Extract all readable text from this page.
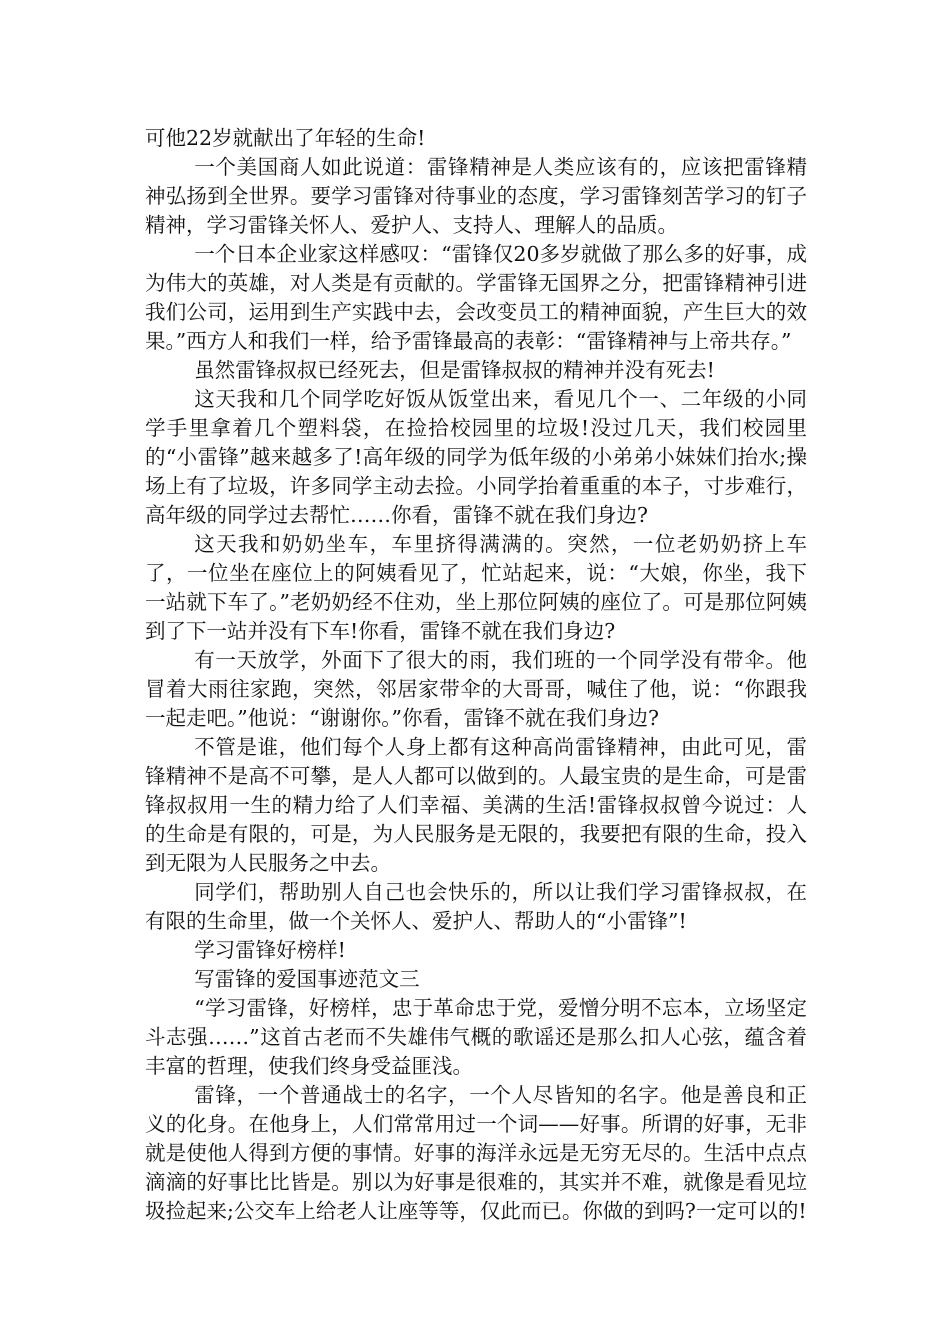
可他22岁就献出了年轻的生命!

一个美国商人如此说道：雷锋精神是人类应该有的，应该把雷锋精神弘扬到全世界。要学习雷锋对待事业的态度，学习雷锋刻苦学习的钉子精神，学习雷锋关怀人、爱护人、支持人、理解人的品质。

一个日本企业家这样感叹：“雷锋仅20多岁就做了那么多的好事，成为伟大的英雄，对人类是有贡献的。学雷锋无国界之分，把雷锋精神引进我们公司，运用到生产实践中去，会改变员工的精神面貌，产生巨大的效果。”西方人和我们一样，给予雷锋最高的表彰：“雷锋精神与上帝共存。”

虽然雷锋叔叔已经死去，但是雷锋叔叔的精神并没有死去!

这天我和几个同学吃好饭从饭堂出来，看见几个一、二年级的小同学手里拿着几个塑料袋，在捡拾校园里的垃圾!没过几天，我们校园里的“小雷锋”越来越多了!高年级的同学为低年级的小弟弟小妹妹们抬水;操场上有了垃圾，许多同学主动去捡。小同学抬着重重的本子，寸步难行，高年级的同学过去帮忙……你看，雷锋不就在我们身边?

这天我和奶奶坐车，车里挤得满满的。突然，一位老奶奶挤上车了，一位坐在座位上的阿姨看见了，忙站起来，说：“大娘，你坐，我下一站就下车了。”老奶奶经不住劝，坐上那位阿姨的座位了。可是那位阿姨到了下一站并没有下车!你看，雷锋不就在我们身边?

有一天放学，外面下了很大的雨，我们班的一个同学没有带伞。他冒着大雨往家跑，突然，邻居家带伞的大哥哥，喊住了他，说：“你跟我一起走吧。”他说：“谢谢你。”你看，雷锋不就在我们身边?

不管是谁，他们每个人身上都有这种高尚雷锋精神，由此可见，雷锋精神不是高不可攀，是人人都可以做到的。人最宝贵的是生命，可是雷锋叔叔用一生的精力给了人们幸福、美满的生活!雷锋叔叔曾今说过：人的生命是有限的，可是，为人民服务是无限的，我要把有限的生命，投入到无限为人民服务之中去。

同学们，帮助别人自己也会快乐的，所以让我们学习雷锋叔叔，在有限的生命里，做一个关怀人、爱护人、帮助人的“小雷锋”!

学习雷锋好榜样!

写雷锋的爱国事迹范文三

“学习雷锋，好榜样，忠于革命忠于党，爱憎分明不忘本，立场坚定斗志强……”这首古老而不失雄伟气概的歌谣还是那么扣人心弦，蕴含着丰富的哲理，使我们终身受益匪浅。

雷锋，一个普通战士的名字，一个人尽皆知的名字。他是善良和正义的化身。在他身上，人们常常用过一个词——好事。所谓的好事，无非就是使他人得到方便的事情。好事的海洋永远是无穷无尽的。生活中点点滴滴的好事比比皆是。别以为好事是很难的，其实并不难，就像是看见垃圾捡起来;公交车上给老人让座等等，仅此而已。你做的到吗?一定可以的!
